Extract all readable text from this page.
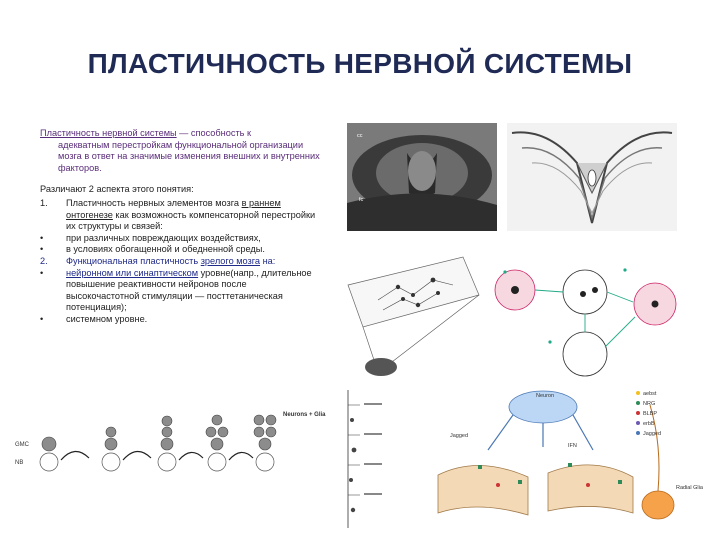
ПЛАСТИЧНОСТЬ НЕРВНОЙ СИСТЕМЫ

Пластичность нервной системы — способность к
адекватным перестройкам функциональной организации мозга в ответ на значимые изменения внешних и внутренних факторов.

Различают 2 аспекта этого понятия:

1.	Пластичность нервных элементов мозга в раннем онтогенезе как возможность компенсаторной перестройки их структуры и связей:
•	при различных повреждающих воздействиях,
•	в условиях обогащенной и обедненной среды.
2.	Функциональная пластичность зрелого мозга на:
•	нейронном или синаптическом уровне(напр., длительное повышение реактивности нейронов после высокочастотной стимуляции — посттетаническая потенциация);
•	системном уровне.
cc
fc
GMC
NB
Neurons + Glia
Neuron
Jagged
IFN
Radial Glia
aebst
NRG
BLBP
erbB
Jagged
